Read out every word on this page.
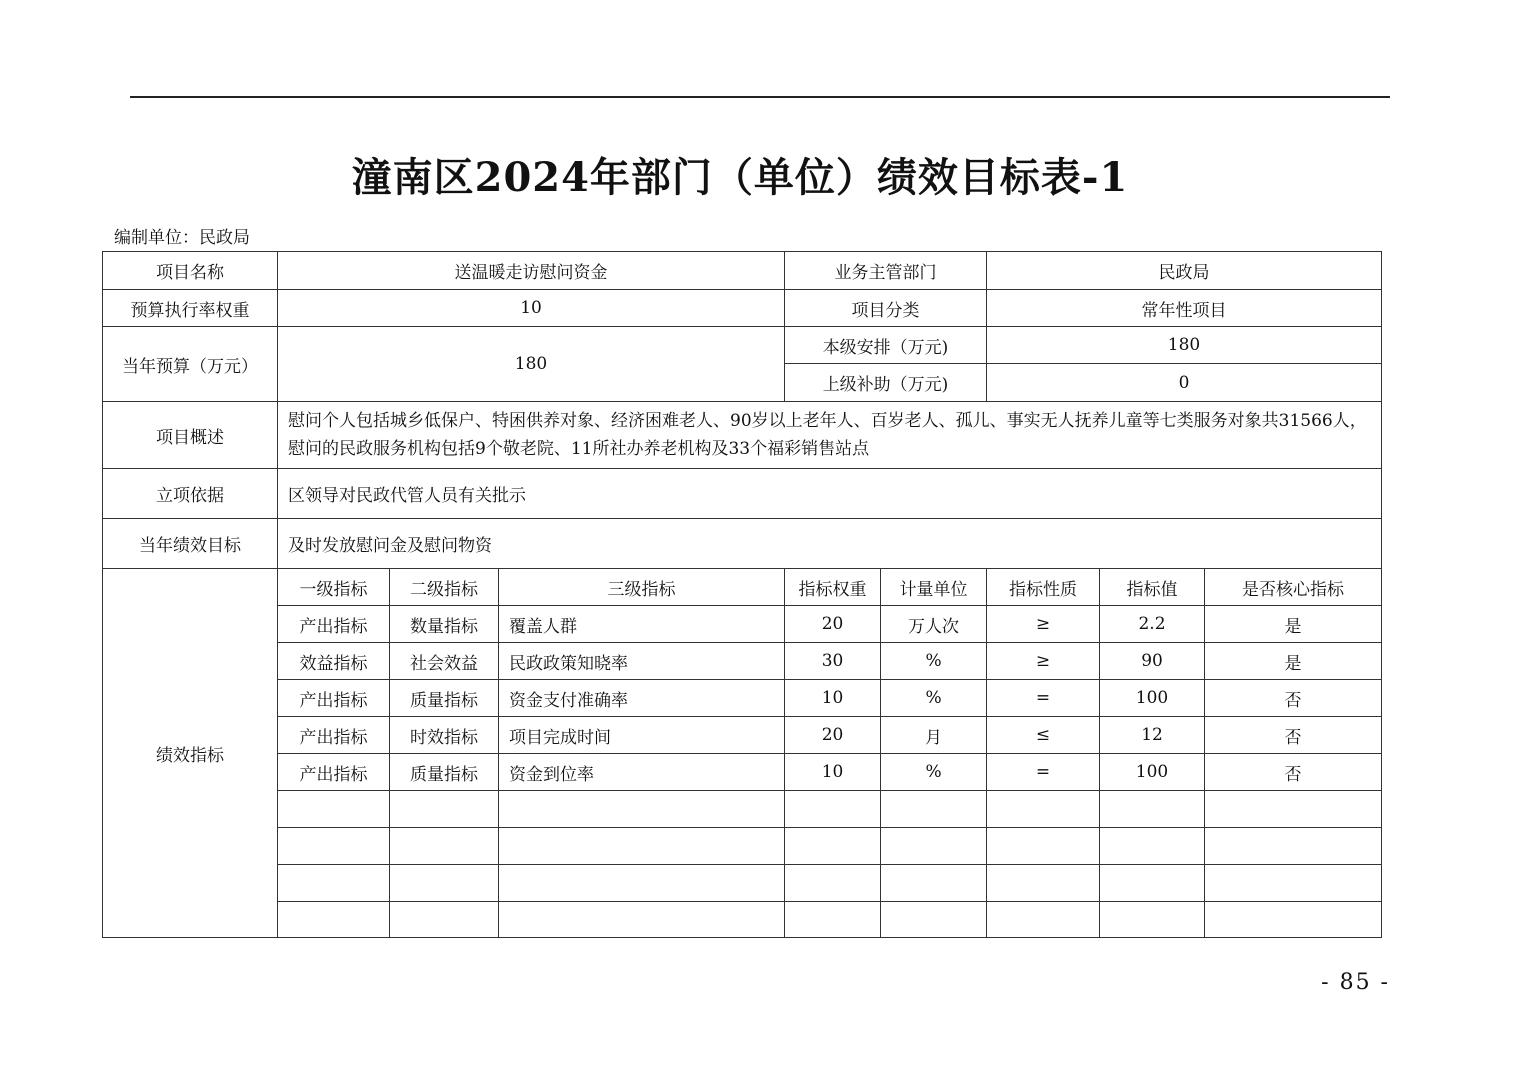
潼南区2024年部门（单位）绩效目标表-1
编制单位：民政局
项目名称	送温暖走访慰问资金			业务主管部门		民政局		
预算执行率权重	10			项目分类		常年性项目		
当年预算（万元）	180			本级安排（万元)		180		
				上级补助（万元)		0		
项目概述	慰问个人包括城乡低保户、特困供养对象、经济困难老人、90岁以上老年人、百岁老人、孤儿、事实无人抚养儿童等七类服务对象共31566人，慰问的民政服务机构包括9个敬老院、11所社办养老机构及33个福彩销售站点							
立项依据	区领导对民政代管人员有关批示							
当年绩效目标	及时发放慰问金及慰问物资							
绩效指标	一级指标	二级指标	三级指标	指标权重	计量单位	指标性质	指标值	是否核心指标
	产出指标	数量指标	覆盖人群	20	万人次	≥	2.2	是
	效益指标	社会效益	民政政策知晓率	30	%	≥	90	是
	产出指标	质量指标	资金支付准确率	10	%	=	100	否
	产出指标	时效指标	项目完成时间	20	月	≤	12	否
	产出指标	质量指标	资金到位率	10	%	=	100	否

- 85 -
